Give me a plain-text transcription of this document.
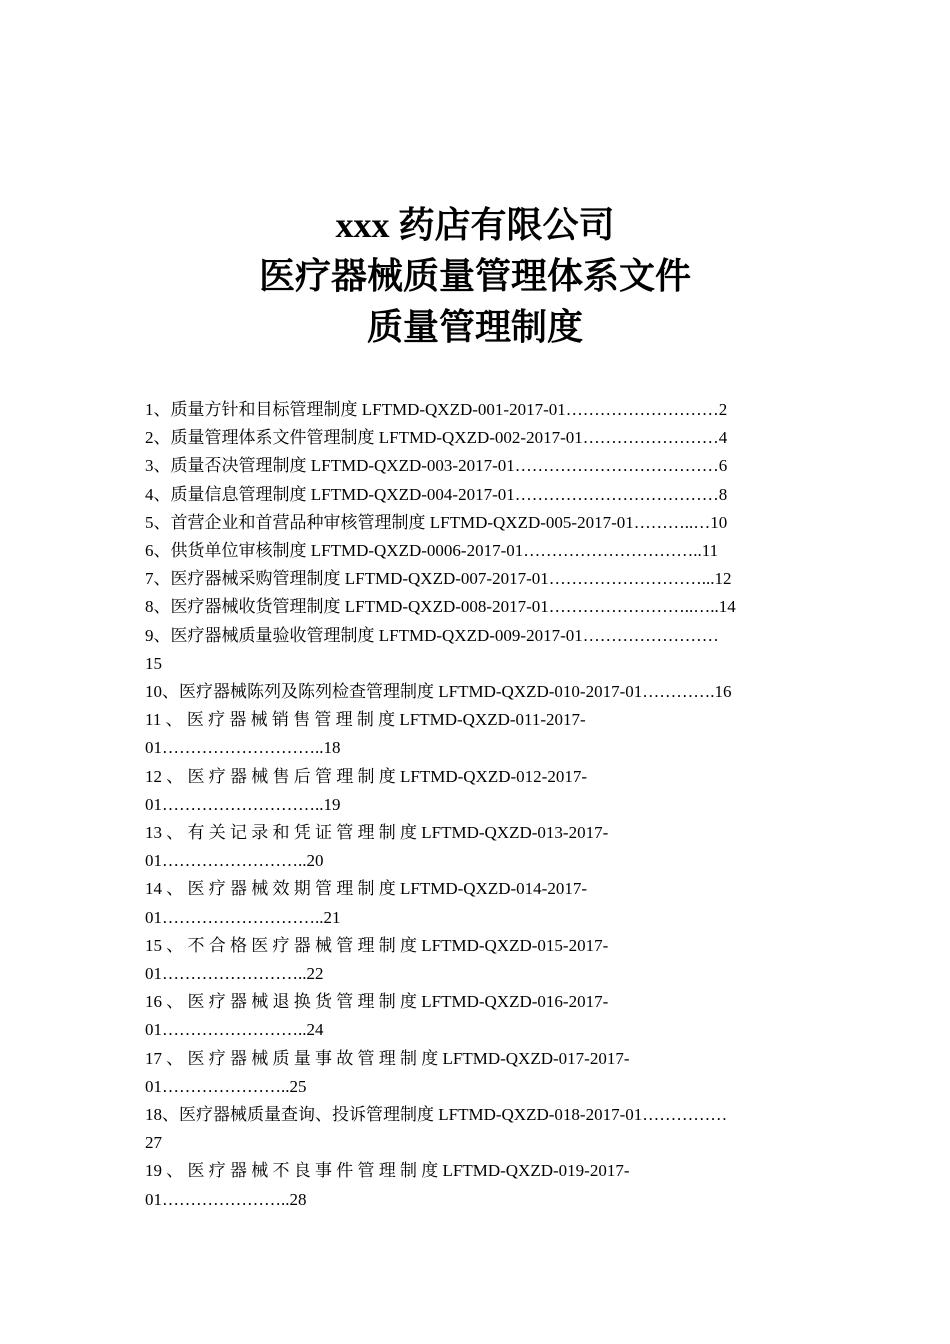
xxx 药店有限公司
医疗器械质量管理体系文件
质量管理制度

1、质量方针和目标管理制度 LFTMD-QXZD-001-2017-01………………………2

2、质量管理体系文件管理制度 LFTMD-QXZD-002-2017-01……………………4

3、质量否决管理制度 LFTMD-QXZD-003-2017-01………………………………6

4、质量信息管理制度 LFTMD-QXZD-004-2017-01………………………………8

5、首营企业和首营品种审核管理制度 LFTMD-QXZD-005-2017-01………..…10

6、供货单位审核制度 LFTMD-QXZD-0006-2017-01…………………………..11

7、医疗器械采购管理制度 LFTMD-QXZD-007-2017-01………………………...12

8、医疗器械收货管理制度 LFTMD-QXZD-008-2017-01……………………..…..14

9、医疗器械质量验收管理制度 LFTMD-QXZD-009-2017-01……………………

15

10、医疗器械陈列及陈列检查管理制度 LFTMD-QXZD-010-2017-01………….16

11 、 医 疗 器 械 销 售 管 理 制 度 LFTMD-QXZD-011-2017-

01………………………..18

12 、 医 疗 器 械 售 后 管 理 制 度 LFTMD-QXZD-012-2017-

01………………………..19

13 、 有 关 记 录 和 凭 证 管 理 制 度 LFTMD-QXZD-013-2017-

01……………………..20

14 、 医 疗 器 械 效 期 管 理 制 度 LFTMD-QXZD-014-2017-

01………………………..21

15 、 不 合 格 医 疗 器 械 管 理 制 度 LFTMD-QXZD-015-2017-

01……………………..22

16 、 医 疗 器 械 退 换 货 管 理 制 度 LFTMD-QXZD-016-2017-

01……………………..24

17 、 医 疗 器 械 质 量 事 故 管 理 制 度 LFTMD-QXZD-017-2017-

01…………………..25

18、医疗器械质量查询、投诉管理制度 LFTMD-QXZD-018-2017-01……………

27

19 、 医 疗 器 械 不 良 事 件 管 理 制 度 LFTMD-QXZD-019-2017-

01…………………..28
